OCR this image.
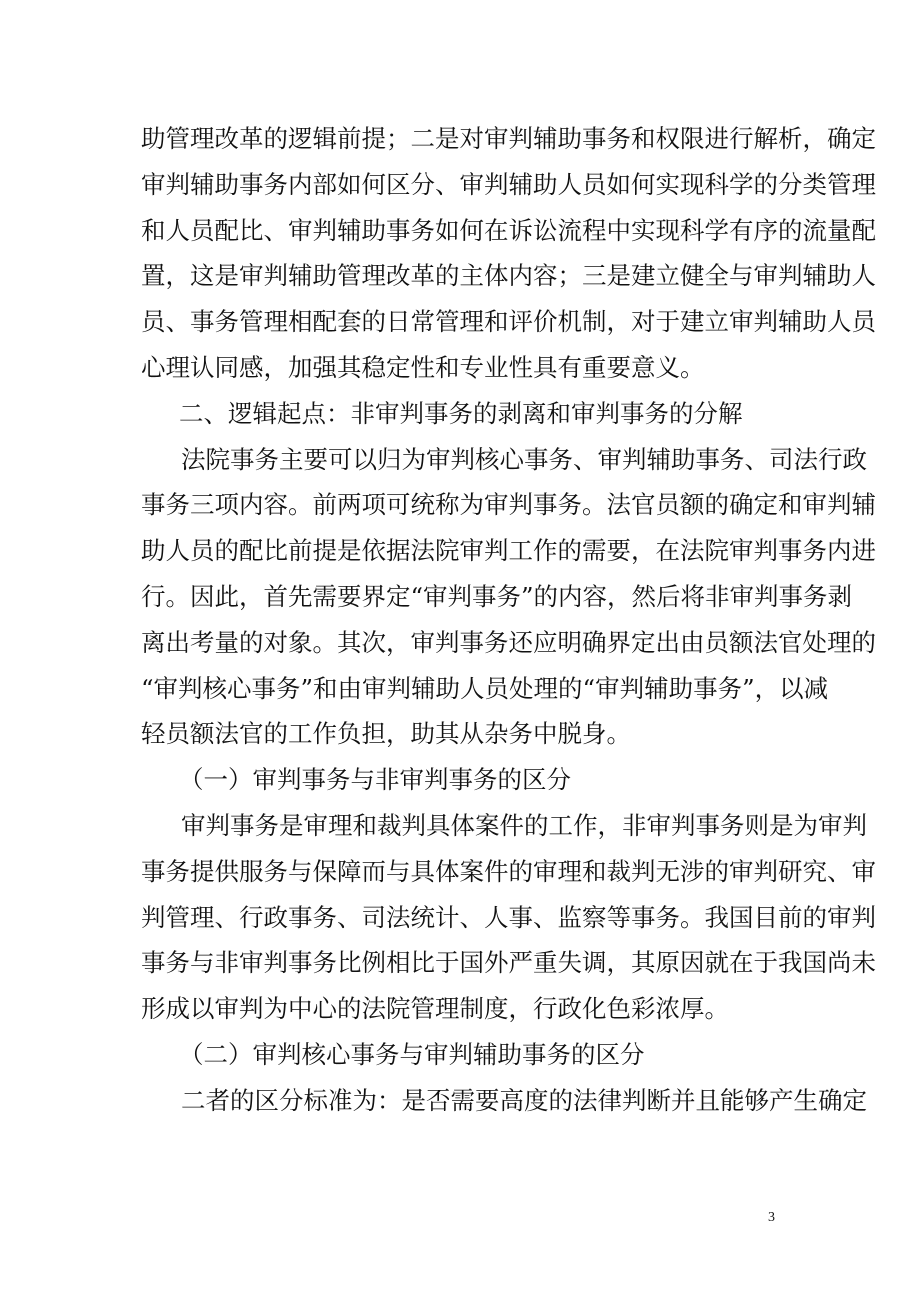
助管理改革的逻辑前提；二是对审判辅助事务和权限进行解析，确定
审判辅助事务内部如何区分、审判辅助人员如何实现科学的分类管理
和人员配比、审判辅助事务如何在诉讼流程中实现科学有序的流量配
置，这是审判辅助管理改革的主体内容；三是建立健全与审判辅助人
员、事务管理相配套的日常管理和评价机制，对于建立审判辅助人员
心理认同感，加强其稳定性和专业性具有重要意义。
二、逻辑起点：非审判事务的剥离和审判事务的分解
法院事务主要可以归为审判核心事务、审判辅助事务、司法行政
事务三项内容。前两项可统称为审判事务。法官员额的确定和审判辅
助人员的配比前提是依据法院审判工作的需要，在法院审判事务内进
行。因此，首先需要界定“审判事务”的内容，然后将非审判事务剥
离出考量的对象。其次，审判事务还应明确界定出由员额法官处理的
“审判核心事务”和由审判辅助人员处理的“审判辅助事务”，以减
轻员额法官的工作负担，助其从杂务中脱身。
（一）审判事务与非审判事务的区分
审判事务是审理和裁判具体案件的工作，非审判事务则是为审判
事务提供服务与保障而与具体案件的审理和裁判无涉的审判研究、审
判管理、行政事务、司法统计、人事、监察等事务。我国目前的审判
事务与非审判事务比例相比于国外严重失调，其原因就在于我国尚未
形成以审判为中心的法院管理制度，行政化色彩浓厚。
（二）审判核心事务与审判辅助事务的区分
二者的区分标准为：是否需要高度的法律判断并且能够产生确定
3
